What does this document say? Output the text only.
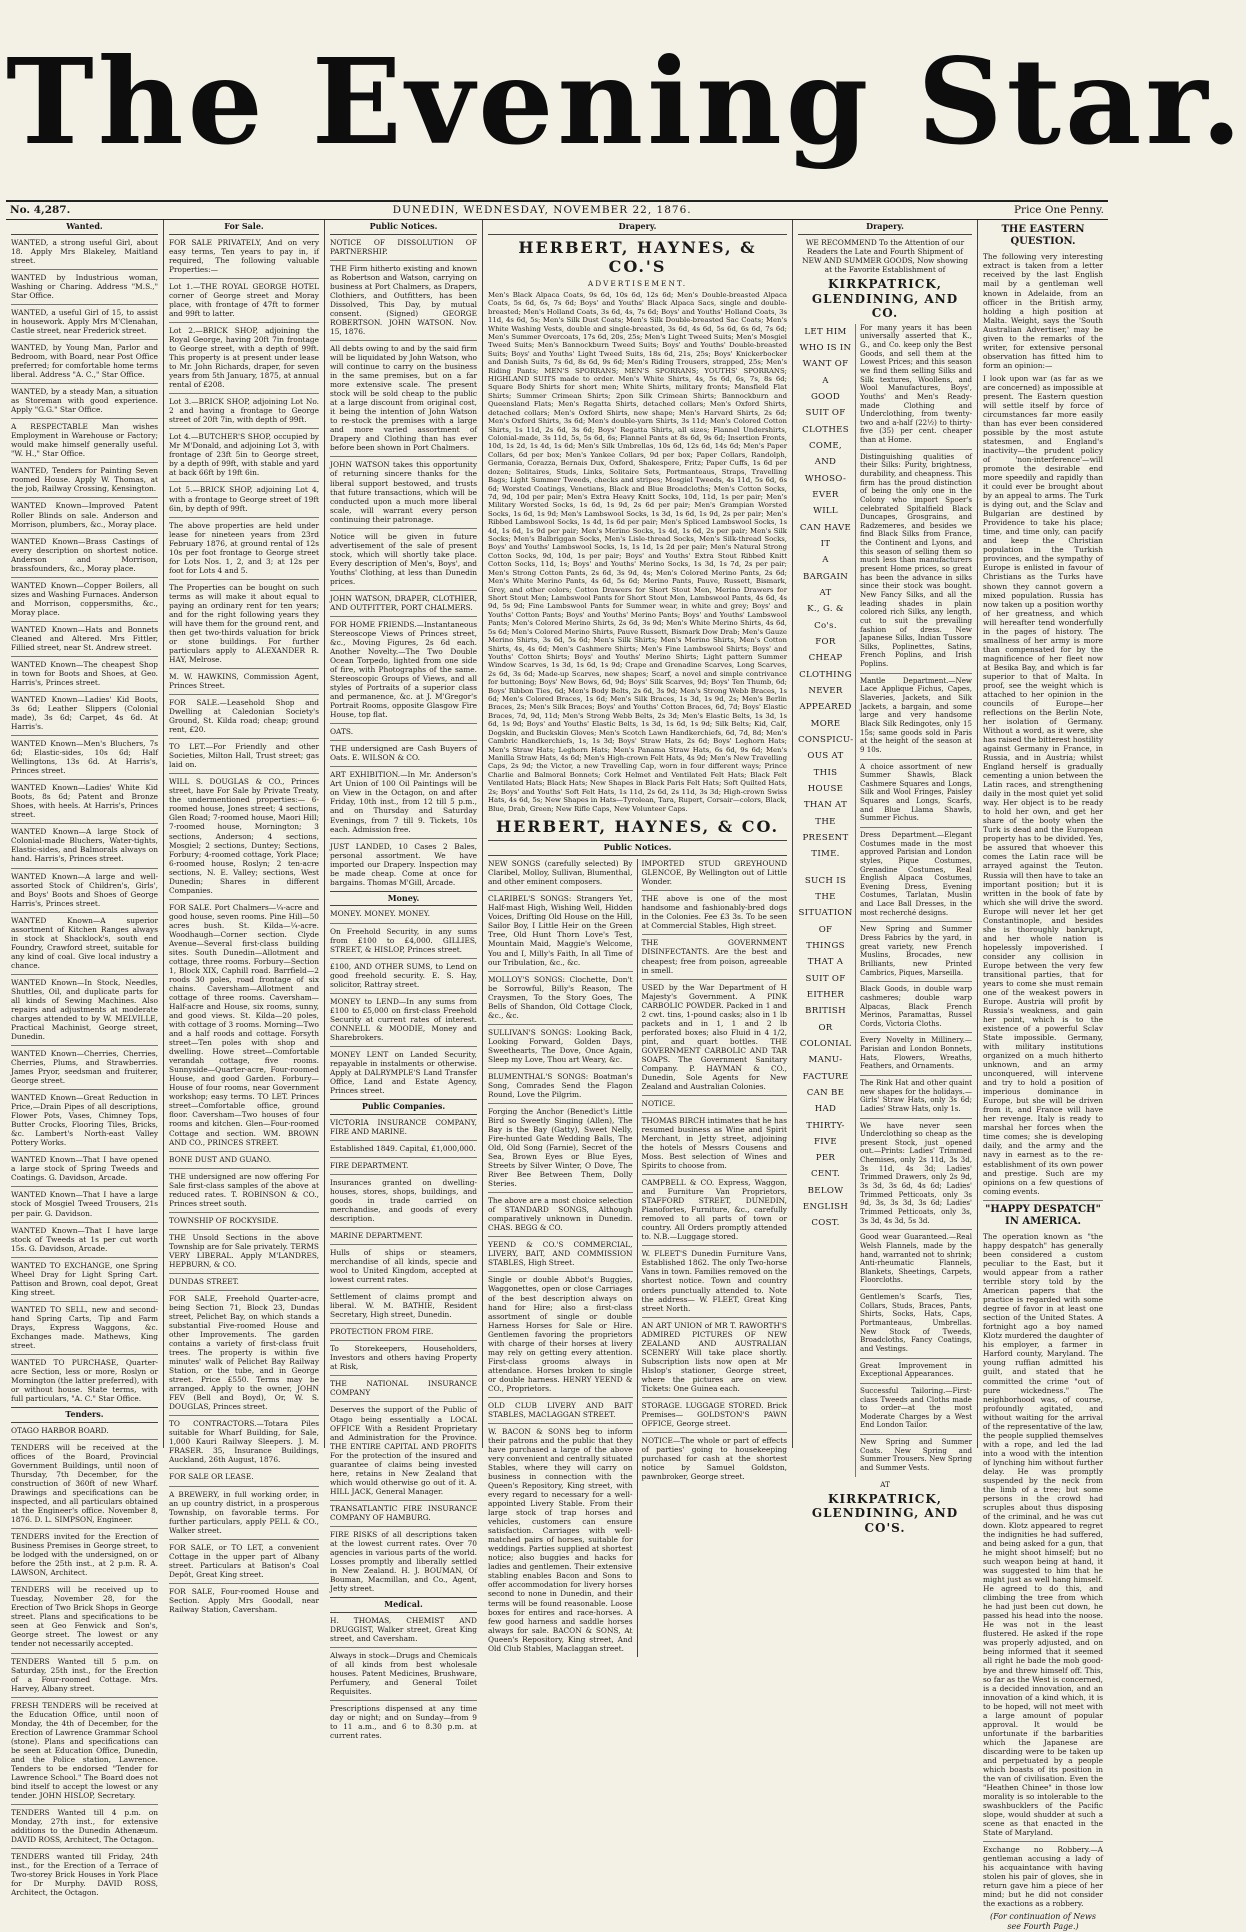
The Evening Star.
No. 4,287.	DUNEDIN, WEDNESDAY, NOVEMBER 22, 1876.	Price One Penny.
Wanted.
WANTED, a strong useful Girl, about 18. Apply Mrs Blakeley, Maitland street.
WANTED by Industrious woman, Washing or Charing. Address "M.S.," Star Office.
WANTED, a useful Girl of 15, to assist in housework. Apply Mrs M'Clenahan, Castle street, near Frederick street.
WANTED, by Young Man, Parlor and Bedroom, with Board, near Post Office preferred; for comfortable home terms liberal. Address "A. C.," Star Office.
WANTED, by a steady Man, a situation as Storeman with good experience. Apply "G.G." Star Office.
A RESPECTABLE Man wishes Employment in Warehouse or Factory; would make himself generally useful. "W. H.," Star Office.
WANTED, Tenders for Painting Seven roomed House. Apply W. Thomas, at the job, Railway Crossing, Kensington.
WANTED Known—Improved Patent Roller Blinds on sale. Anderson and Morrison, plumbers, &c., Moray place.
WANTED Known—Brass Castings of every description on shortest notice. Anderson and Morrison, brassfounders, &c., Moray place.
WANTED Known—Copper Boilers, all sizes and Washing Furnaces. Anderson and Morrison, coppersmiths, &c., Moray place.
WANTED Known—Hats and Bonnets Cleaned and Altered. Mrs Fittler, Fillied street, near St. Andrew street.
WANTED Known—The cheapest Shop in town for Boots and Shoes, at Geo. Harris's, Princes street.
WANTED Known—Ladies' Kid Boots, 3s 6d; Leather Slippers (Colonial made), 3s 6d; Carpet, 4s 6d. At Harris's.
WANTED Known—Men's Bluchers, 7s 6d; Elastic-sides, 10s 6d; Half Wellingtons, 13s 6d. At Harris's, Princes street.
WANTED Known—Ladies' White Kid Boots, 8s 6d; Patent and Bronze Shoes, with heels. At Harris's, Princes street.
WANTED Known—A large Stock of Colonial-made Bluchers, Water-tights, Elastic-sides, and Balmorals always on hand. Harris's, Princes street.
WANTED Known—A large and well-assorted Stock of Children's, Girls', and Boys' Boots and Shoes of George Harris's, Princes street.
WANTED Known—A superior assortment of Kitchen Ranges always in stock at Shacklock's, south end Foundry, Crawford street, suitable for any kind of coal. Give local industry a chance.
WANTED Known—In Stock, Needles, Shuttles, Oil, and duplicate parts for all kinds of Sewing Machines. Also repairs and adjustments at moderate charges attended to by W. MELVILLE, Practical Machinist, George street, Dunedin.
WANTED Known—Cherries, Cherries, Cherries, Plums, and Strawberries. James Pryor, seedsman and fruiterer, George street.
WANTED Known—Great Reduction in Price,—Drain Pipes of all descriptions, Flower Pots, Vases, Chimney Tops, Butter Crocks, Flooring Tiles, Bricks, &c. Lambert's North-east Valley Pottery Works.
WANTED Known—That I have opened a large stock of Spring Tweeds and Coatings. G. Davidson, Arcade.
WANTED Known—That I have a large stock of Mosgiel Tweed Trousers, 21s per pair. G. Davidson.
WANTED Known—That I have large stock of Tweeds at 1s per cut worth 15s. G. Davidson, Arcade.
WANTED TO EXCHANGE, one Spring Wheel Dray for Light Spring Cart. Pattison and Brown, coal depot, Great King street.
WANTED TO SELL, new and second-hand Spring Carts, Tip and Farm Drays, Express Waggons, &c. Exchanges made. Mathews, King street.
WANTED TO PURCHASE, Quarter-acre Section, less or more, Roslyn or Mornington (the latter preferred), with or without house. State terms, with full particulars, "A. C." Star Office.
Tenders.
OTAGO HARBOR BOARD.
TENDERS will be received at the offices of the Board, Provincial Government Buildings, until noon of Thursday, 7th December, for the construction of 360ft of new Wharf. Drawings and specifications can be inspected, and all particulars obtained at the Engineer's office. November 8, 1876. D. L. SIMPSON, Engineer.
TENDERS invited for the Erection of Business Premises in George street, to be lodged with the undersigned, on or before the 25th inst., at 2 p.m. R. A. LAWSON, Architect.
TENDERS will be received up to Tuesday, November 28, for the Erection of Two Brick Shops in George street. Plans and specifications to be seen at Geo Fenwick and Son's, George street. The lowest or any tender not necessarily accepted.
TENDERS Wanted till 5 p.m. on Saturday, 25th inst., for the Erection of a Four-roomed Cottage. Mrs. Harvey, Albany street.
FRESH TENDERS will be received at the Education Office, until noon of Monday, the 4th of December, for the Erection of Lawrence Grammar School (stone). Plans and specifications can be seen at Education Office, Dunedin, and the Police station, Lawrence. Tenders to be endorsed "Tender for Lawrence School." The Board does not bind itself to accept the lowest or any tender. JOHN HISLOP, Secretary.
TENDERS Wanted till 4 p.m. on Monday, 27th inst., for extensive additions to the Dunedin Athenæum. DAVID ROSS, Architect, The Octagon.
TENDERS wanted till Friday, 24th inst., for the Erection of a Terrace of Two-storey Brick Houses in York Place for Dr Murphy. DAVID ROSS, Architect, the Octagon.
For Sale.
FOR SALE PRIVATELY, And on very easy terms, Ten years to pay in, if required, The following valuable Properties:—
Lot 1.—THE ROYAL GEORGE HOTEL corner of George street and Moray place, with frontage of 47ft to former and 99ft to latter.
Lot 2.—BRICK SHOP, adjoining the Royal George, having 20ft 7in frontage to George street, with a depth of 99ft. This property is at present under lease to Mr. John Richards, draper, for seven years from 5th January, 1875, at annual rental of £208.
Lot 3.—BRICK SHOP, adjoining Lot No. 2 and having a frontage to George street of 20ft 7in, with depth of 99ft.
Lot 4.—BUTCHER'S SHOP, occupied by Mr M'Donald, and adjoining Lot 3, with frontage of 23ft 5in to George street, by a depth of 99ft, with stable and yard at back 66ft by 19ft 6in.
Lot 5.—BRICK SHOP, adjoining Lot 4, with a frontage to George street of 19ft 6in, by depth of 99ft.
The above properties are held under lease for nineteen years from 23rd February 1876, at ground rental of 12s 10s per foot frontage to George street for Lots Nos. 1, 2, and 3; at 12s per foot for Lots 4 and 5.
The Properties can be bought on such terms as will make it about equal to paying an ordinary rent for ten years; and for the right following years they will have them for the ground rent, and then get two-thirds valuation for brick or stone buildings. For further particulars apply to ALEXANDER R. HAY, Melrose.
M. W. HAWKINS, Commission Agent, Princes Street.
FOR SALE.—Leasehold Shop and Dwelling at Caledonian Society's Ground, St. Kilda road; cheap; ground rent, £20.
TO LET.—For Friendly and other Societies, Milton Hall, Trust street; gas laid on.
WILL S. DOUGLAS & CO., Princes street, have For Sale by Private Treaty, the undermentioned properties:— 6-roomed house, Jones street; 4 sections, Glen Road; 7-roomed house, Maori Hill; 7-roomed house, Mornington; 3 sections, Anderson; 4 sections, Mosgiel; 2 sections, Duntey; Sections, Forbury; 4-roomed cottage, York Place; 6-roomed house, Roslyn; 2 ten-acre sections, N. E. Valley; sections, West Dunedin; Shares in different Companies.
FOR SALE. Port Chalmers—¼-acre and good house, seven rooms. Pine Hill—50 acres bush. St. Kilda—¼-acre. Woodhaugh—Corner section. Clyde Avenue—Several first-class building sites. South Dunedin—Allotment and cottage, three rooms. Forbury—Section 1, Block XIX, Caphill road. Barrfield—2 roods 30 poles, road frontage of six chains. Caversham—Allotment and cottage of three rooms. Caversham—Half-acre and House, six rooms, sunny, and good views. St. Kilda—20 poles, with cottage of 3 rooms. Morning—Two and a half roods and cottage. Forsyth street—Ten poles with shop and dwelling. Howe street—Comfortable verandah cottage, five rooms. Sunnyside—Quarter-acre, Four-roomed House, and good Garden. Forbury—House of four rooms, near Government workshop; easy terms. TO LET. Princes street—Comfortable office, ground floor. Caversham—Two houses of four rooms and kitchen. Glen—Four-roomed Cottage and section. WM. BROWN AND CO., PRINCES STREET.
BONE DUST AND GUANO.
THE undersigned are now offering For Sale first-class samples of the above at reduced rates. T. ROBINSON & CO., Princes street south.
TOWNSHIP OF ROCKYSIDE.
THE Unsold Sections in the above Township are for Sale privately. TERMS VERY LIBERAL. Apply M'LANDRES, HEPBURN, & CO.
DUNDAS STREET.
FOR SALE, Freehold Quarter-acre, being Section 71, Block 23, Dundas street, Pelichet Bay, on which stands a substantial Five-roomed House and other Improvements. The garden contains a variety of first-class fruit trees. The property is within five minutes' walk of Pelichet Bay Railway Station, or the tube, and in George street. Price £550. Terms may be arranged. Apply to the owner, JOHN FEV (Bell and Boyd), Or, W. S. DOUGLAS, Princes street.
TO CONTRACTORS.—Totara Piles suitable for Wharf Building, for Sale, 1,000 Kauri Railway Sleepers. J. M. FRASER. 35, Insurance Buildings, Auckland, 26th August, 1876.
FOR SALE OR LEASE.
A BREWERY, in full working order, in an up country district, in a prosperous Township, on favorable terms. For further particulars, apply PELL & CO., Walker street.
FOR SALE, or TO LET, a convenient Cottage in the upper part of Albany street. Particulars at Batison's Coal Depôt, Great King street.
FOR SALE, Four-roomed House and Section. Apply Mrs Goodall, near Railway Station, Caversham.
Public Notices.
NOTICE OF DISSOLUTION OF PARTNERSHIP.
THE Firm hitherto existing and known as Robertson and Watson, carrying on business at Port Chalmers, as Drapers, Clothiers, and Outfitters, has been Dissolved, This Day, by mutual consent. (Signed) GEORGE ROBERTSON. JOHN WATSON. Nov. 15, 1876.
All debts owing to and by the said firm will be liquidated by John Watson, who will continue to carry on the business in the same premises, but on a far more extensive scale. The present stock will be sold cheap to the public at a large discount from original cost, it being the intention of John Watson to re-stock the premises with a large and more varied assortment of Drapery and Clothing than has ever before been shown in Port Chalmers.
JOHN WATSON takes this opportunity of returning sincere thanks for the liberal support bestowed, and trusts that future transactions, which will be conducted upon a much more liberal scale, will warrant every person continuing their patronage.
Notice will be given in future advertisement of the sale of present stock, which will shortly take place. Every description of Men's, Boys', and Youths' Clothing, at less than Dunedin prices.
JOHN WATSON, DRAPER, CLOTHIER, AND OUTFITTER, PORT CHALMERS.
FOR HOME FRIENDS.—Instantaneous Stereoscope Views of Princes street, &c., Moving Figures, 2s 6d each. Another Novelty.—The Two Double Ocean Torpedo, lighted from one side of fire, with Photographs of the same. Stereoscopic Groups of Views, and all styles of Portraits of a superior class and permanence, &c. at J. M'Gregor's Portrait Rooms, opposite Glasgow Fire House, top flat.
OATS.
THE undersigned are Cash Buyers of Oats. E. WILSON & CO.
ART EXHIBITION.—In Mr. Anderson's Art Union of 100 Oil Paintings will be on View in the Octagon, on and after Friday, 10th inst., from 12 till 5 p.m., and on Thursday and Saturday Evenings, from 7 till 9. Tickets, 10s each. Admission free.
JUST LANDED, 10 Cases 2 Bales, personal assortment. We have imported our Drapery. Inspection may be made cheap. Come at once for bargains. Thomas M'Gill, Arcade.
Money.
MONEY. MONEY. MONEY.
On Freehold Security, in any sums from £100 to £4,000. GILLIES, STREET, & HISLOP, Princes street.
£100, AND OTHER SUMS, to Lend on good freehold security. E. S. Hay, solicitor, Rattray street.
MONEY to LEND—In any sums from £100 to £5,000 on first-class Freehold Security at current rates of interest. CONNELL & MOODIE, Money and Sharebrokers.
MONEY LENT on Landed Security, repayable in instalments or otherwise. Apply at DALRYMPLE'S Land Transfer Office, Land and Estate Agency, Princes street.
Public Companies.
VICTORIA INSURANCE COMPANY, FIRE AND MARINE.
Established 1849. Capital, £1,000,000.
FIRE DEPARTMENT.
Insurances granted on dwelling-houses, stores, shops, buildings, and goods in trade carried on merchandise, and goods of every description.
MARINE DEPARTMENT.
Hulls of ships or steamers, merchandise of all kinds, specie and wool to United Kingdom, accepted at lowest current rates.
Settlement of claims prompt and liberal. W. M. BATHIE, Resident Secretary, High street, Dunedin.
PROTECTION FROM FIRE.
To Storekeepers, Householders, Investors and others having Property at Risk,
THE NATIONAL INSURANCE COMPANY
Deserves the support of the Public of Otago being essentially a LOCAL OFFICE With a Resident Proprietary and Administration for the Province. THE ENTIRE CAPITAL AND PROFITS For the protection of the insured and guarantee of claims being invested here, retains in New Zealand that which would otherwise go out of it. A. HILL JACK, General Manager.
TRANSATLANTIC FIRE INSURANCE COMPANY OF HAMBURG.
FIRE RISKS of all descriptions taken at the lowest current rates. Over 70 agencies in various parts of the world. Losses promptly and liberally settled in New Zealand. H. J. BOUMAN, Of Bouman, Macmillan, and Co., Agent, Jetty street.
Medical.
H. THOMAS, CHEMIST AND DRUGGIST, Walker street, Great King street, and Caversham.
Always in stock—Drugs and Chemicals of all kinds from best wholesale houses. Patent Medicines, Brushware, Perfumery, and General Toilet Requisites.
Prescriptions dispensed at any time day or night; and on Sunday—from 9 to 11 a.m., and 6 to 8.30 p.m. at current rates.
Drapery.
HERBERT, HAYNES, & CO.'S
ADVERTISEMENT.
Men's Black Alpaca Coats, 9s 6d, 10s 6d, 12s 6d; Men's Double-breasted Alpaca Coats, 5s 6d, 6s, 7s 6d; Boys' and Youths' Black Alpaca Sacs, single and double-breasted; Men's Holland Coats, 3s 6d, 4s, 7s 6d; Boys' and Youths' Holland Coats, 3s 11d, 4s 6d, 5s; Men's Silk Dust Coats; Men's Silk Double-breasted Sac Coats; Men's White Washing Vests, double and single-breasted, 3s 6d, 4s 6d, 5s 6d, 6s 6d, 7s 6d; Men's Summer Overcoats, 17s 6d, 20s, 25s; Men's Light Tweed Suits; Men's Mosgiel Tweed Suits; Men's Bannockburn Tweed Suits; Boys' and Youths' Double-breasted Suits; Boys' and Youths' Light Tweed Suits, 18s 6d, 21s, 25s; Boys' Knickerbocker and Danish Suits, 7s 6d, 8s 6d, 9s 6d; Men's Riding Trousers, strapped, 25s; Men's Riding Pants; MEN'S SPORRANS; MEN'S SPORRANS; YOUTHS' SPORRANS; HIGHLAND SUITS made to order. Men's White Shirts, 4s, 5s 6d, 6s, 7s, 8s 6d; Square Body Shirts for short men; White Shirts, military fronts; Mansfield Flat Shirts; Summer Crimean Shirts; 2pon Silk Crimean Shirts; Bannockburn and Queensland Flats; Men's Regatta Shirts, detached collars; Men's Oxford Shirts, detached collars; Men's Oxford Shirts, new shape; Men's Harvard Shirts, 2s 6d; Men's Oxford Shirts, 3s 6d; Men's double-yarn Shirts, 3s 11d; Men's Colored Cotton Shirts, 1s 11d, 2s 6d, 3s 6d; Boys' Regatta Shirts, all sizes; Flannel Undershirts, Colonial-made, 3s 11d, 5s, 5s 6d, 6s; Flannel Pants at 8s 6d, 9s 6d; Insertion Fronts, 10d, 1s 2d, 1s 4d, 1s 6d; Men's Silk Umbrellas, 10s 6d, 12s 6d, 14s 6d; Men's Paper Collars, 6d per box; Men's Yankee Collars, 9d per box; Paper Collars, Randolph, Germania, Corazza, Bernais Dux, Oxford, Shakespere, Fritz; Paper Cuffs, 1s 6d per dozen; Solitaires, Studs, Links, Solitaire Sets, Portmanteaus, Straps, Travelling Bags; Light Summer Tweeds, checks and stripes; Mosgiel Tweeds, 4s 11d, 5s 6d, 6s 6d; Worsted Coatings, Venetians, Black and Blue Broadcloths; Men's Cotton Socks, 7d, 9d, 10d per pair; Men's Extra Heavy Knitt Socks, 10d, 11d, 1s per pair; Men's Military Worsted Socks, 1s 6d, 1s 9d, 2s 6d per pair; Men's Grampian Worsted Socks, 1s 6d, 1s 9d; Men's Lambswool Socks, 1s 3d, 1s 6d, 1s 9d, 2s per pair; Men's Ribbed Lambswool Socks, 1s 4d, 1s 6d per pair; Men's Spliced Lambswool Socks, 1s 4d, 1s 6d, 1s 9d per pair; Men's Merino Socks, 1s 4d, 1s 6d, 2s per pair; Men's Silk Socks; Men's Balbriggan Socks, Men's Lisle-thread Socks, Men's Silk-thread Socks, Boys' and Youths' Lambswool Socks, 1s, 1s 1d, 1s 2d per pair; Men's Natural Strong Cotton Socks, 9d, 10d, 1s per pair; Boys' and Youths' Extra Stout Ribbed Knitt Cotton Socks, 11d, 1s; Boys' and Youths' Merino Socks, 1s 3d, 1s 7d, 2s per pair; Men's Strong Cotton Pants, 2s 6d, 3s 9d, 4s; Men's Colored Merino Pants, 2s 6d; Men's White Merino Pants, 4s 6d, 5s 6d; Merino Pants, Pauve, Russett, Bismark, Grey, and other colors; Cotton Drawers for Short Stout Men, Merino Drawers for Short Stout Men; Lambswool Pants for Short Stout Men, Lambswool Pants, 4s 6d, 4s 9d, 5s 9d; Fine Lambswool Pants for Summer wear, in white and grey; Boys' and Youths' Cotton Pants; Boys' and Youths' Merino Pants; Boys' and Youths' Lambswool Pants; Men's Colored Merino Shirts, 2s 6d, 3s 9d; Men's White Merino Shirts, 4s 6d, 5s 6d; Men's Colored Merino Shirts, Pauve Russett, Bismark Dow Drab; Men's Gauze Merino Shirts, 3s 6d, 5s 6d; Men's Silk Shirts; Men's Merino Shirts, Men's Cotton Shirts, 4s, 4s 6d; Men's Cashmere Shirts; Men's Fine Lambswool Shirts; Boys' and Youths' Cotton Shirts; Boys' and Youths' Merino Shirts; Light pattern Summer Window Scarves, 1s 3d, 1s 6d, 1s 9d; Crape and Grenadine Scarves, Long Scarves, 2s 6d, 3s 6d; Made-up Scarves, new shapes; Scarf, a novel and simple contrivance for buttoning; Boys' New Bows, 6d, 9d; Boys' Silk Scarves, 9d; Boys' Ten Thumb, 6d; Boys' Ribbon Ties, 6d; Men's Body Belts, 2s 6d, 3s 9d; Men's Strong Webb Braces, 1s 6d; Men's Colored Braces, 1s 6d; Men's Silk Braces, 1s 3d, 1s 9d, 2s; Men's Berlin Braces, 2s; Men's Silk Braces; Boys' and Youths' Cotton Braces, 6d, 7d; Boys' Elastic Braces, 7d, 9d, 11d; Men's Strong Webb Belts, 2s 3d; Men's Elastic Belts, 1s 3d, 1s 6d, 1s 9d; Boys' and Youths' Elastic Belts, 1s 3d, 1s 6d, 1s 9d; Silk Belts; Kid, Calf, Dogskin, and Buckskin Gloves; Men's Scotch Lawn Handkerchiefs, 6d, 7d, 8d; Men's Cambric Handkerchiefs, 1s, 1s 3d; Boys' Straw Hats, 2s 6d; Boys' Leghorn Hats; Men's Straw Hats; Leghorn Hats; Men's Panama Straw Hats, 6s 6d, 9s 6d; Men's Manilla Straw Hats, 4s 6d; Men's High-crown Felt Hats, 4s 9d; Men's New Travelling Caps, 2s 9d; the Victor, a new Travelling Cap, worn in four different ways; Prince Charlie and Balmoral Bonnets; Cork Helmet and Ventilated Felt Hats; Black Felt Ventilated Hats; Black Hats; New Shapes in Black Paris Felt Hats; Soft Quilted Hats, 2s; Boys' and Youths' Soft Felt Hats, 1s 11d, 2s 6d, 2s 11d, 3s 3d; High-crown Swiss Hats, 4s 6d, 5s; New Shapes in Hats—Tyrolean, Tara, Rupert, Corsair—colors, Black, Blue, Drab, Green; New Rifle Caps, New Volunteer Caps.
HERBERT, HAYNES, & CO.
Public Notices.
NEW SONGS (carefully selected) By Claribel, Molloy, Sullivan, Blumenthal, and other eminent composers.
CLARIBEL'S SONGS: Strangers Yet, Half-mast High, Wishing Well, Hidden Voices, Drifting Old House on the Hill, Sailor Boy, I Little Heir on the Green Tree, Old Hunt Thorn Love's Test, Mountain Maid, Maggie's Welcome, You and I, Milly's Faith, In all Time of our Tribulation, &c., &c.
MOLLOY'S SONGS: Clochette, Don't be Sorrowful, Billy's Reason, The Craysmen, To the Story Goes, The Bells of Shandon, Old Cottage Clock, &c., &c.
SULLIVAN'S SONGS: Looking Back, Looking Forward, Golden Days, Sweethearts, The Dove, Once Again, Sleep my Love, Thou art Weary, &c.
BLUMENTHAL'S SONGS: Boatman's Song, Comrades Send the Flagon Round, Love the Pilgrim.
Forging the Anchor (Benedict's Little Bird so Sweetly Singing (Allen), The Bay is the Bay (Gatty), Sweet Nelly, Fire-hunted Gate Wedding Balls, The Old, Old Song (Farnie), Secret of the Sea, Brown Eyes or Blue Eyes, Streets by Silver Winter, O Dove, The River Bee Between Them, Dolly Steries.
The above are a most choice selection of STANDARD SONGS, Although comparatively unknown in Dunedin. CHAS. BEGG & CO.
YEEND & CO.'S COMMERCIAL, LIVERY, BAIT, AND COMMISSION STABLES, High Street.
Single or double Abbot's Buggies, Waggonettes, open or close Carriages of the best description always on hand for Hire; also a first-class assortment of single or double Harness Horses for Sale or Hire. Gentlemen favoring the proprietors with charge of their horses at livery may rely on getting every attention. First-class grooms always in attendance. Horses broken to single or double harness. HENRY YEEND & CO., Proprietors.
OLD CLUB LIVERY AND BAIT STABLES, MACLAGGAN STREET.
W. BACON & SONS beg to inform their patrons and the public that they have purchased a large of the above very convenient and centrally situated Stables, where they will carry on business in connection with the Queen's Repository, King street, with every regard to necessary for a well-appointed Livery Stable. From their large stock of trap horses and vehicles, customers can ensure satisfaction. Carriages with well-matched pairs of horses, suitable for weddings. Parties supplied at shortest notice; also buggies and hacks for ladies and gentlemen. Their extensive stabling enables Bacon and Sons to offer accommodation for livery horses second to none in Dunedin, and their terms will be found reasonable. Loose boxes for entires and race-horses. A few good harness and saddle horses always for sale. BACON & SONS, At Queen's Repository, King street, And Old Club Stables, Maclaggan street.
IMPORTED STUD GREYHOUND GLENCOE, By Wellington out of Little Wonder.
THE above is one of the most handsome and fashionably-bred dogs in the Colonies. Fee £3 3s. To be seen at Commercial Stables, High street.
THE GOVERNMENT DISINFECTANTS. Are the best and cheapest; free from poison, agreeable in smell.
USED by the War Department of H Majesty's Government. A PINK CARBOLIC POWDER. Packed in 1 and 2 cwt. tins, 1-pound casks; also in 1 lb packets and in 1, 1 and 2 lb perforated boxes; also Fluid in 4 1/2, pint, and quart bottles. THE GOVERNMENT CARBOLIC AND TAR SOAPS. The Government Sanitary Company. P. HAYMAN & CO., Dunedin, Sole Agents for New Zealand and Australian Colonies.
NOTICE.
THOMAS BIRCH intimates that he has resumed business as Wine and Spirit Merchant, in Jetty street, adjoining the hotels of Messrs Cousens and Moss. Best selection of Wines and Spirits to choose from.
CAMPBELL & CO. Express, Waggon, and Furniture Van Proprietors, STAFFORD STREET, DUNEDIN, Pianofortes, Furniture, &c., carefully removed to all parts of town or country. All Orders promptly attended to. N.B.—Luggage stored.
W. FLEET'S Dunedin Furniture Vans, Established 1862. The only Two-horse Vans in town. Families removed on the shortest notice. Town and country orders punctually attended to. Note the address— W. FLEET, Great King street North.
AN ART UNION of MR T. RAWORTH'S ADMIRED PICTURES OF NEW ZEALAND AND AUSTRALIAN SCENERY Will take place shortly. Subscription lists now open at Mr Hislop's stationer, George street, where the pictures are on view. Tickets: One Guinea each.
STORAGE. LUGGAGE STORED. Brick Premises— GOLDSTON'S PAWN OFFICE, George street.
NOTICE—The whole or part of effects of parties' going to housekeeping purchased for cash at the shortest notice by Samuel Goldston, pawnbroker, George street.
Drapery.
WE RECOMMEND To the Attention of our Readers the Late and Fourth Shipment of NEW AND SUMMER GOODS, Now showing at the Favorite Establishment of
KIRKPATRICK, GLENDINING, AND CO.
LET HIM
WHO IS IN
WANT OF
A
GOOD
SUIT OF
CLOTHES
COME,
AND
WHOSO-
EVER
WILL
CAN HAVE
IT
A
BARGAIN
AT
K., G. & Co's.
FOR
CHEAP
CLOTHING
NEVER
APPEARED
MORE
CONSPICU-
OUS AT
THIS
HOUSE
THAN AT
THE
PRESENT
TIME.
SUCH IS
THE
SITUATION
OF THINGS
THAT A
SUIT OF
EITHER
BRITISH
OR
COLONIAL
MANU-
FACTURE
CAN BE
HAD
THIRTY-
FIVE
PER
CENT.
BELOW
ENGLISH
COST.
For many years it has been universally asserted that K., G., and Co. keep only the Best Goods, and sell them at the Lowest Prices; and this season we find them selling Silks and Silk textures, Woollens, and Wool Manufactures, Boys', Youths' and Men's Ready-made Clothing and Underclothing, from twenty-two and a-half (22½) to thirty-five (35) per cent. cheaper than at Home.
Distinguishing qualities of their Silks: Purity, brightness, durability, and cheapness. This firm has the proud distinction of being the only one in the Colony who import Spoer's celebrated Spitalfield Black Duncapes, Grosgrains, and Radzemeres, and besides we find Black Silks from France, the Continent and Lyons, and this season of selling them so much less than manufacturers present Home prices, so great has been the advance in silks since their stock was bought. New Fancy Silks, and all the leading shades in plain colored rich Silks, any length, cut to suit the prevailing fashion of dress. New Japanese Silks, Indian Tussore Silks, Poplinettes, Satins, French Poplins, and Irish Poplins.
Mantle Department.—New Lace Applique Fichus, Capes, Slaveries, Jackets, and Silk Jackets, a bargain, and some large and very handsome Black Silk Redingotes, only 15 15s; same goods sold in Paris at the height of the season at 9 10s.
A choice assortment of new Summer Shawls, Black Cashmere Squares and Longs, Silk and Wool Fringes, Paisley Squares and Longs, Scarfs, and Blue Llama Shawls, Summer Fichus.
Dress Department.—Elegant Costumes made in the most approved Parisian and London styles, Pique Costumes, Grenadine Costumes, Real English Alpaca Costumes, Evening Dress, Evening Costumes, Tarlatan, Muslin and Lace Ball Dresses, in the most recherché designs.
New Spring and Summer Dress Fabrics by the yard, in great variety, new French Muslins, Brocades, new Brilliants, new Printed Cambrics, Piques, Marseilla.
Black Goods, in double warp cashmeres; double warp Alpacas, Black French Merinos, Paramattas, Russel Cords, Victoria Cloths.
Every Novelty in Millinery.—Parisian and London Bonnets, Hats, Flowers, Wreaths, Feathers, and Ornaments.
The Rink Hat and other quaint new shapes for the holidays.—Girls' Straw Hats, only 3s 6d; Ladies' Straw Hats, only 1s.
We have never seen Underclothing so cheap as the present Stock, just opened out.—Prints: Ladies' Trimmed Chemises, only 2s 11d, 3s 3d, 3s 11d, 4s 3d; Ladies' Trimmed Drawers, only 2s 9d, 3s 3d, 3s 6d, 4s 6d; Ladies' Trimmed Petticoats, only 3s 9d, 3s, 3s 3d, 3s 6d; Ladies' Trimmed Petticoats, only 3s, 3s 3d, 4s 3d, 5s 3d.
Good wear Guaranteed.—Real Welsh Flannels, made by the hand, warranted not to shrink; Anti-rheumatic Flannels, Blankets, Sheetings, Carpets, Floorcloths.
Gentlemen's Scarfs, Ties, Collars, Studs, Braces, Pants, Shirts, Socks, Hats, Caps, Portmanteaus, Umbrellas. New Stock of Tweeds, Broadcloths, Fancy Coatings, and Vestings.
Great Improvement in Exceptional Appearances.
Successful Tailoring.—First-class Tweeds and Cloths made to order—at the most Moderate Charges by a West End London Tailor.
New Spring and Summer Coats. New Spring and Summer Trousers. New Spring and Summer Vests.
AT
KIRKPATRICK, GLENDINING, AND CO'S.
THE EASTERN QUESTION.
The following very interesting extract is taken from a letter received by the last English mail by a gentleman well known in Adelaide, from an officer in the British army, holding a high position at Malta. Weight, says the 'South Australian Advertiser,' may be given to the remarks of the writer, for extensive personal observation has fitted him to form an opinion:—
I look upon war (as far as we are concerned) as impossible at present. The Eastern question will settle itself by force of circumstances far more easily than has ever been considered possible by the most astute statesmen, and England's inactivity—the prudent policy of 'non-interference'—will promote the desirable end more speedily and rapidly than it could ever be brought about by an appeal to arms. The Turk is dying out, and the Sclav and Bulgarian are destined by Providence to take his place; time, and time only, can pacify and keep the Christian population in the Turkish provinces, and the sympathy of Europe is enlisted in favour of Christians as the Turks have shown they cannot govern a mixed population. Russia has now taken up a position worthy of her greatness, and which will hereafter tend wonderfully in the pages of history. The smallness of her army is more than compensated for by the magnificence of her fleet now at Besika Bay, and which is far superior to that of Malta. In proof, see the weight which is attached to her opinion in the councils of Europe—her reflections on the Berlin Note, her isolation of Germany. Without a word, as it were, she has raised the bitterest hostility against Germany in France, in Russia, and in Austria; whilst England herself is gradually cementing a union between the Latin races, and strengthening daily in the most quiet yet solid way. Her object is to be ready to hold her own, and get her share of the booty when the Turk is dead and the European property has to be divided. Yes, be assured that whoever this comes the Latin race will be arrayed against the Teuton. Russia will then have to take an important position; but it is written in the book of fate by which she will drive the sword. Europe will never let her get Constantinople, and besides she is thoroughly bankrupt, and her whole nation is hopelessly impoverished. I consider any collision in Europe between the very few transitional parties, that for years to come she must remain one of the weakest powers in Europe. Austria will profit by Russia's weakness, and gain her point, which is to the existence of a powerful Sclav State impossible. Germany, with military institutions organized on a much hitherto unknown, and an army unconquered, will intervene and try to hold a position of imperious dominance in Europe, but she will be driven from it, and France will have her revenge. Italy is ready to marshal her forces when the time comes; she is developing daily, and the army and the navy in earnest as to the re-establishment of its own power and prestige. Such are my opinions on a few questions of coming events.
"HAPPY DESPATCH" IN AMERICA.
The operation known as "the happy despatch" has generally been considered a custom peculiar to the East, but it would appear from a rather terrible story told by the American papers that the practice is regarded with some degree of favor in at least one section of the United States. A fortnight ago a boy named Klotz murdered the daughter of his employer, a farmer in Harford county, Maryland. The young ruffian admitted his guilt, and stated that he committed the crime "out of pure wickedness." The neighborhood was, of course, profoundly agitated, and without waiting for the arrival of the representative of the law, the people supplied themselves with a rope, and led the lad into a wood with the intention of lynching him without further delay. He was promptly suspended by the neck from the limb of a tree; but some persons in the crowd had scruples about thus disposing of the criminal, and he was cut down. Klotz appeared to regret the indignities he had suffered, and being asked for a gun, that he might shoot himself; but no such weapon being at hand, it was suggested to him that he might just as well hang himself. He agreed to do this, and climbing the tree from which he had just been cut down, he passed his head into the noose. He was not in the least flustered. He asked if the rope was properly adjusted, and on being informed that it seemed all right he bade the mob good-bye and threw himself off. This, so far as the West is concerned, is a decided innovation, and an innovation of a kind which, it is to be hoped, will not meet with a large amount of popular approval. It would be unfortunate if the barbarities which the Japanese are discarding were to be taken up and perpetuated by a people which boasts of its position in the van of civilisation. Even the "Heathen Chinee" in those low morality is so intolerable to the swashbucklers of the Pacific slope, would shudder at such a scene as that enacted in the State of Maryland.
Exchange no Robbery.—A gentleman accusing a lady of his acquaintance with having stolen his pair of gloves, she in return gave him a piece of her mind; but he did not consider the exactions as a robbery.
(For continuation of News see Fourth Page.)
